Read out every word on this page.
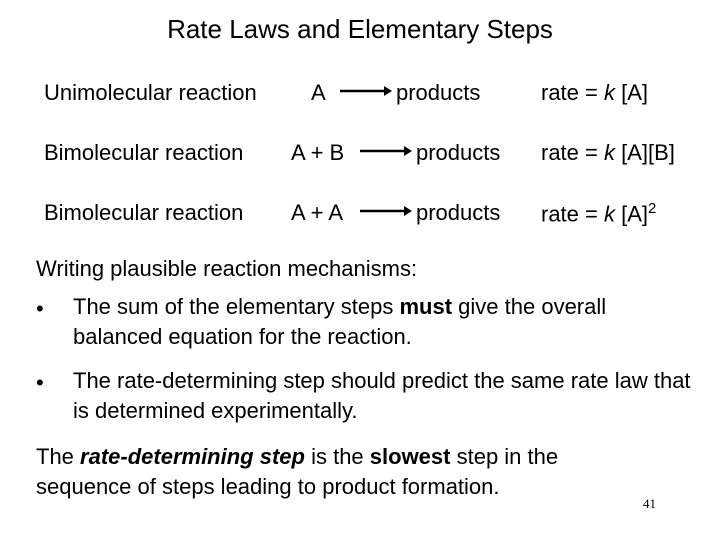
Rate Laws and Elementary Steps
Unimolecular reaction A → products	rate = k [A]
Bimolecular reaction A + B → products rate = k [A][B]
Bimolecular reaction A + A → products rate = k $[A]^2$
Writing plausible reaction mechanisms:
• The sum of the elementary steps must give the overall balanced equation for the reaction.
• The rate-determining step should predict the same rate law that is determined experimentally.
The rate-determining step is the slowest step in the sequence of steps leading to product formation.
41
